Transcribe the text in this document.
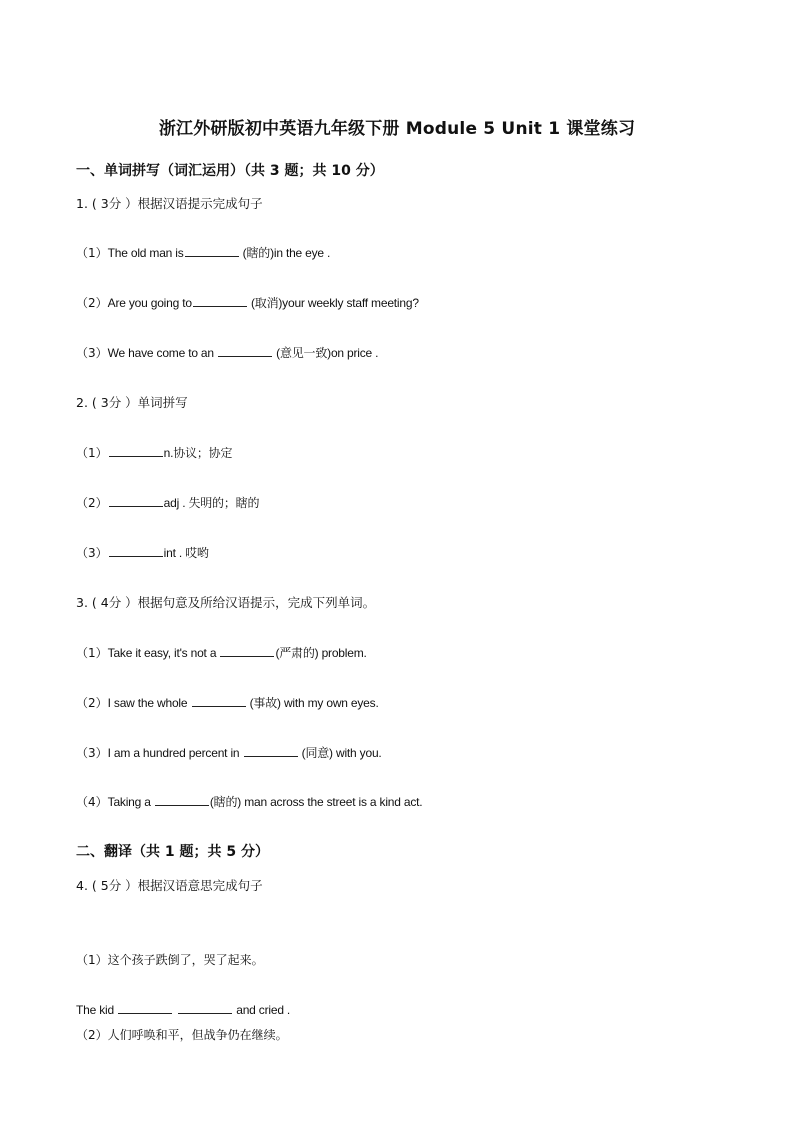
浙江外研版初中英语九年级下册 Module 5 Unit 1 课堂练习
一、单词拼写（词汇运用）（共 3 题；共 10 分）
1. ( 3分 ）根据汉语提示完成句子
（1）The old man is	(瞎的)in the eye .
（2）Are you going to	(取消)your weekly staff meeting?
（3）We have come to an	(意见一致)on price .
2. ( 3分 ）单词拼写
（1）	n.协议；协定
（2）	adj . 失明的；瞎的
（3）	int . 哎哟
3. ( 4分 ）根据句意及所给汉语提示，完成下列单词。
（1）Take it easy, it's not a	(严肃的) problem.
（2）I saw the whole	(事故) with my own eyes.
（3）I am a hundred percent in	(同意) with you.
（4）Taking a	(瞎的) man across the street is a kind act.
二、翻译（共 1 题；共 5 分）
4. ( 5分 ）根据汉语意思完成句子
（1）这个孩子跌倒了，哭了起来。
The kid	and cried .
（2）人们呼唤和平，但战争仍在继续。
